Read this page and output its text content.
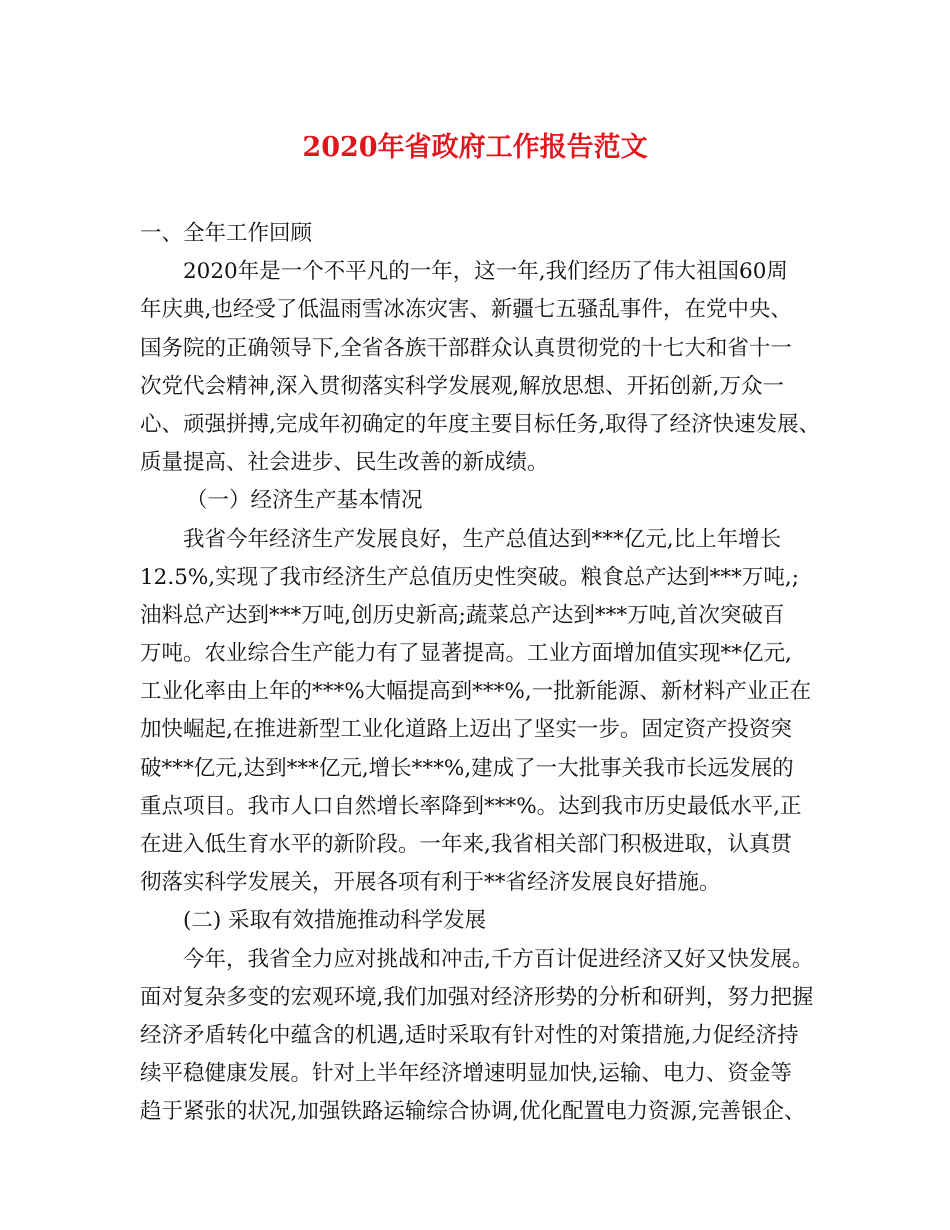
2020年省政府工作报告范文
一、全年工作回顾
2020年是一个不平凡的一年，这一年,我们经历了伟大祖国60周
年庆典,也经受了低温雨雪冰冻灾害、新疆七五骚乱事件，在党中央、
国务院的正确领导下,全省各族干部群众认真贯彻党的十七大和省十一
次党代会精神,深入贯彻落实科学发展观,解放思想、开拓创新,万众一
心、顽强拼搏,完成年初确定的年度主要目标任务,取得了经济快速发展、
质量提高、社会进步、民生改善的新成绩。
（一）经济生产基本情况
我省今年经济生产发展良好，生产总值达到***亿元,比上年增长
12.5%,实现了我市经济生产总值历史性突破。粮食总产达到***万吨,;
油料总产达到***万吨,创历史新高;蔬菜总产达到***万吨,首次突破百
万吨。农业综合生产能力有了显著提高。工业方面增加值实现**亿元,
工业化率由上年的***%大幅提高到***%,一批新能源、新材料产业正在
加快崛起,在推进新型工业化道路上迈出了坚实一步。固定资产投资突
破***亿元,达到***亿元,增长***%,建成了一大批事关我市长远发展的
重点项目。我市人口自然增长率降到***%。达到我市历史最低水平,正
在进入低生育水平的新阶段。一年来,我省相关部门积极进取，认真贯
彻落实科学发展关，开展各项有利于**省经济发展良好措施。
(二) 采取有效措施推动科学发展
今年，我省全力应对挑战和冲击,千方百计促进经济又好又快发展。
面对复杂多变的宏观环境,我们加强对经济形势的分析和研判，努力把握
经济矛盾转化中蕴含的机遇,适时采取有针对性的对策措施,力促经济持
续平稳健康发展。针对上半年经济增速明显加快,运输、电力、资金等
趋于紧张的状况,加强铁路运输综合协调,优化配置电力资源,完善银企、
